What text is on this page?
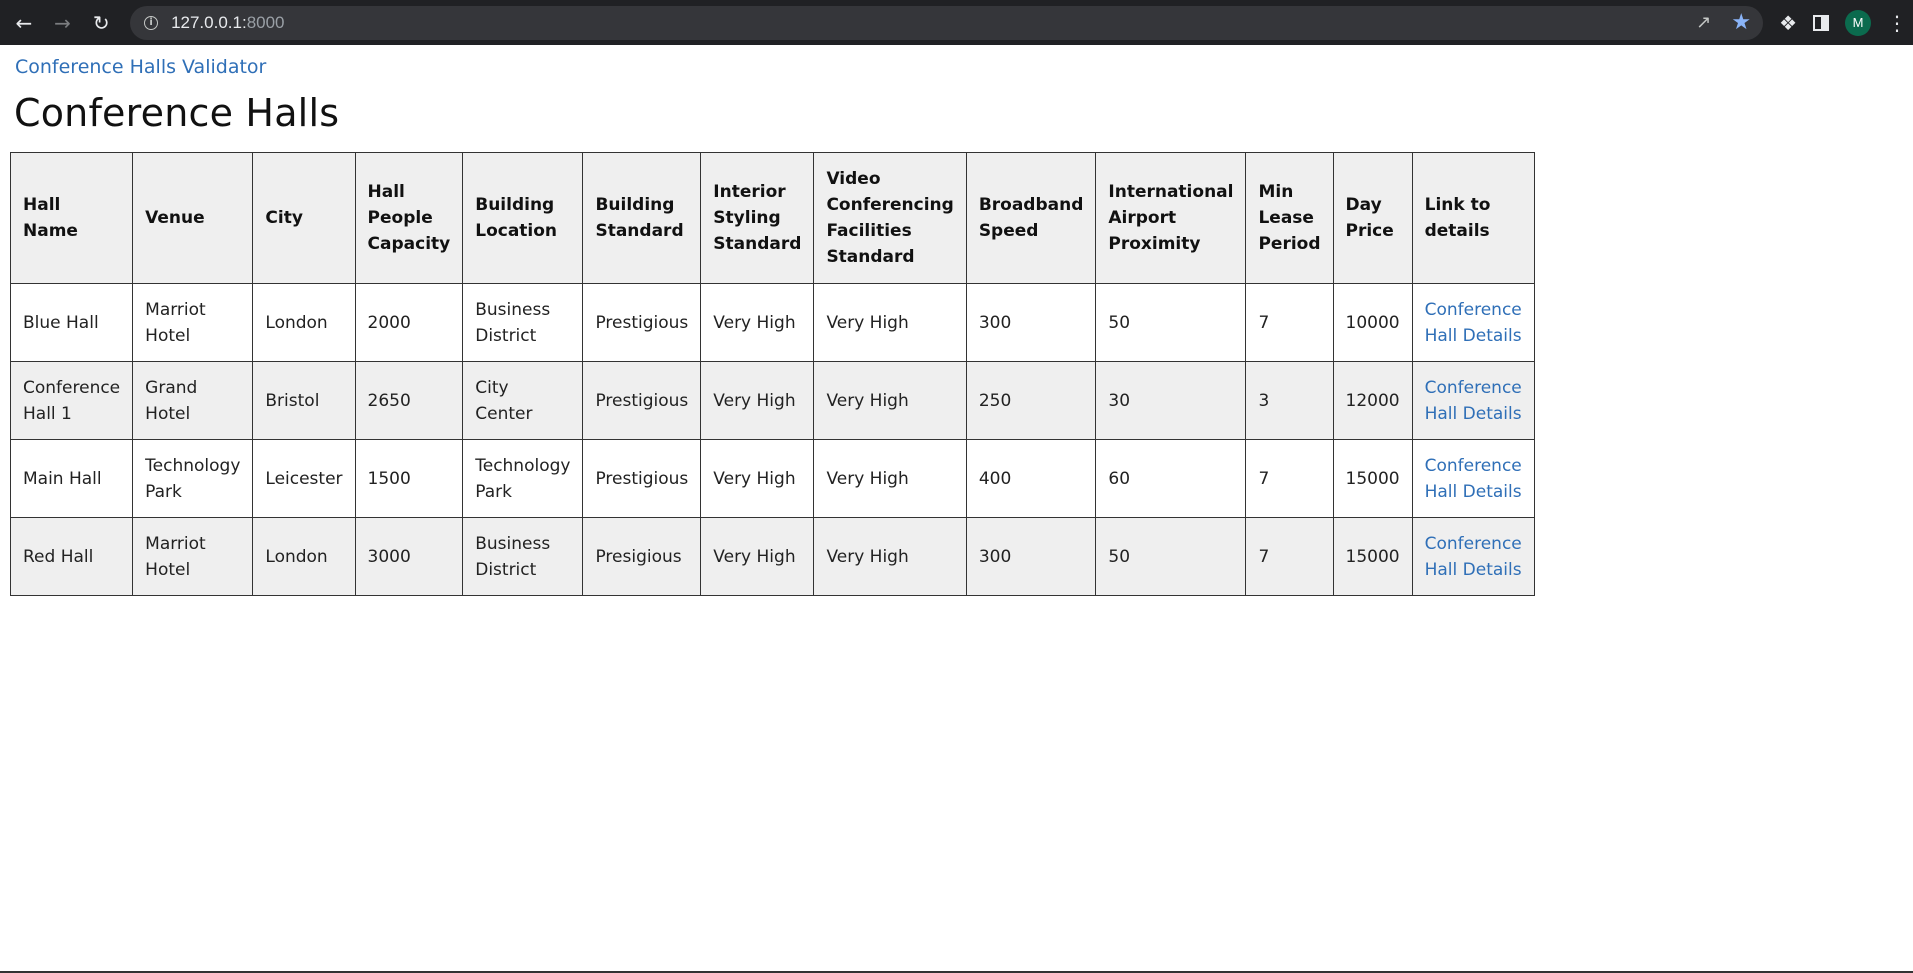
←	→	↻	i	127.0.0.1:8000	↗ ★ ❖	M	⋮
Conference Halls Validator
Conference Halls
Hall Name	Venue	City	Hall People Capacity	Building Location	Building Standard	Interior Styling Standard	Video Conferencing Facilities Standard	Broadband Speed	International Airport Proximity	Min Lease Period	Day Price	Link to details
Blue Hall	Marriot Hotel	London	2000	Business District	Prestigious	Very High	Very High	300	50	7	10000	Conference Hall Details
Conference Hall 1	Grand Hotel	Bristol	2650	City Center	Prestigious	Very High	Very High	250	30	3	12000	Conference Hall Details
Main Hall	Technology Park	Leicester	1500	Technology Park	Prestigious	Very High	Very High	400	60	7	15000	Conference Hall Details
Red Hall	Marriot Hotel	London	3000	Business District	Presigious	Very High	Very High	300	50	7	15000	Conference Hall Details
